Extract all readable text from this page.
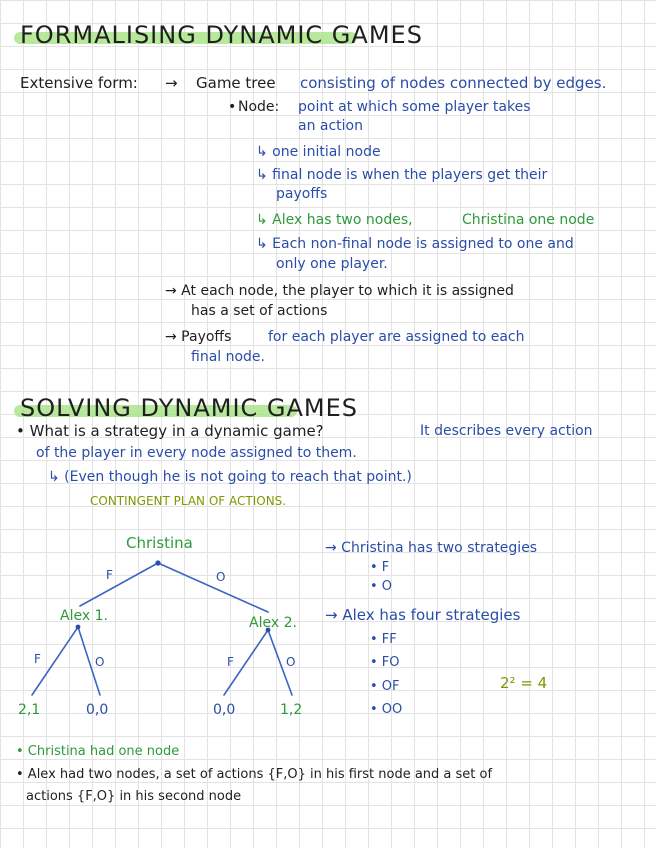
FORMALISING DYNAMIC GAMES
Extensive form: → Game tree consisting of nodes connected by edges.
• Node: point at which some player takes
an action
↳ one initial node
↳ final node is when the players get their
payoffs
↳ Alex has two nodes,	Christina one node
↳ Each non-final node is assigned to one and
only one player.
→ At each node, the player to which it is assigned
has a set of actions
→ Payoffs	for each player are assigned to each
final node.
SOLVING DYNAMIC GAMES
• What is a strategy in a dynamic game?	It describes every action
of the player in every node assigned to them.
↳ (Even though he is not going to reach that point.)
CONTINGENT PLAN OF ACTIONS.
Christina
F	O
Alex 1.	Alex 2.
F	O	F	O
2,1	0,0	0,0	1,2
→ Christina has two strategies
• F
• O
→ Alex has four strategies
• FF
• FO
• OF
• OO
2² = 4
• Christina had one node
• Alex had two nodes, a set of actions {F,O} in his first node and a set of
actions {F,O} in his second node
